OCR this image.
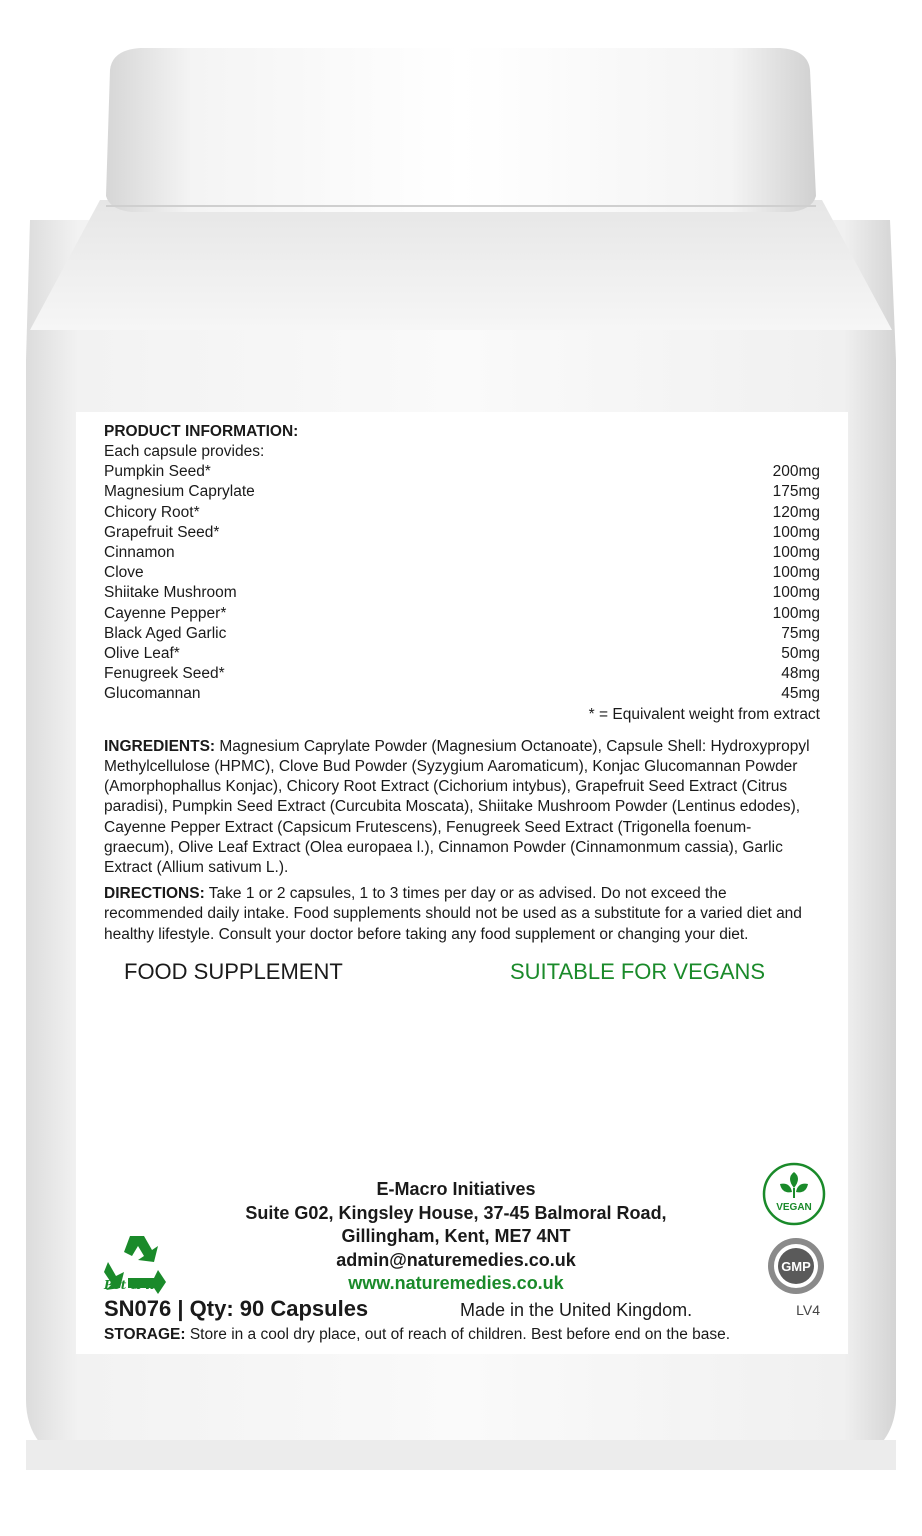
PRODUCT INFORMATION:
Each capsule provides:
Pumpkin Seed*	200mg
Magnesium Caprylate	175mg
Chicory Root*	120mg
Grapefruit Seed*	100mg
Cinnamon	100mg
Clove	100mg
Shiitake Mushroom	100mg
Cayenne Pepper*	100mg
Black Aged Garlic	75mg
Olive Leaf*	50mg
Fenugreek Seed*	48mg
Glucomannan	45mg
* = Equivalent weight from extract
INGREDIENTS: Magnesium Caprylate Powder (Magnesium Octanoate), Capsule Shell: Hydroxypropyl Methylcellulose (HPMC), Clove Bud Powder (Syzygium Aaromaticum), Konjac Glucomannan Powder (Amorphophallus Konjac), Chicory Root Extract (Cichorium intybus), Grapefruit Seed Extract (Citrus paradisi), Pumpkin Seed Extract (Curcubita Moscata), Shiitake Mushroom Powder (Lentinus edodes), Cayenne Pepper Extract (Capsicum Frutescens), Fenugreek Seed Extract (Trigonella foenum-graecum), Olive Leaf Extract (Olea europaea l.), Cinnamon Powder (Cinnamonmum cassia), Garlic Extract (Allium sativum L.).
DIRECTIONS: Take 1 or 2 capsules, 1 to 3 times per day or as advised. Do not exceed the recommended daily intake. Food supplements should not be used as a substitute for a varied diet and healthy lifestyle. Consult your doctor before taking any food supplement or changing your diet.
FOOD SUPPLEMENT	SUITABLE FOR VEGANS
E-Macro Initiatives
Suite G02, Kingsley House, 37-45 Balmoral Road,
Gillingham, Kent, ME7 4NT
admin@naturemedies.co.uk
www.naturemedies.co.uk
Pot & lid
VEGAN
GMP
SN076 | Qty: 90 Capsules	Made in the United Kingdom.	LV4
STORAGE: Store in a cool dry place, out of reach of children. Best before end on the base.
